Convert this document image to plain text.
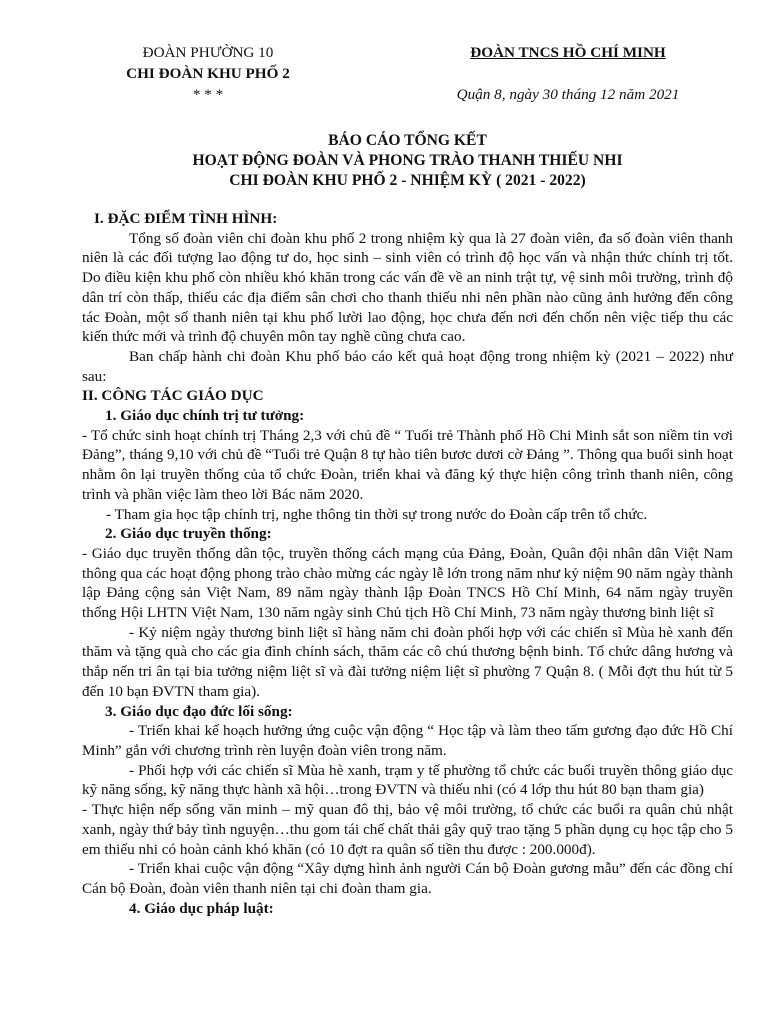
ĐOÀN PHƯỜNG 10
CHI ĐOÀN KHU PHỐ 2
* * *
ĐOÀN TNCS HỒ CHÍ MINH

Quận 8, ngày 30 tháng 12 năm 2021
BÁO CÁO TỔNG KẾT
HOẠT ĐỘNG ĐOÀN VÀ PHONG TRÀO THANH THIẾU NHI
CHI ĐOÀN KHU PHỐ 2 - NHIỆM KỲ ( 2021 - 2022)

I. ĐẶC ĐIỂM TÌNH HÌNH:

Tổng số đoàn viên chi đoàn khu phố 2 trong nhiệm kỳ qua là 27 đoàn viên, đa số đoàn viên thanh niên là các đối tượng lao động tư do, học sinh – sinh viên có trình độ học vấn và nhận thức chính trị tốt. Do điều kiện khu phố còn nhiều khó khăn trong các vấn đề về an ninh trật tự, vệ sinh môi trường, trình độ dân trí còn thấp, thiếu các địa điểm sân chơi cho thanh thiếu nhi nên phần nào cũng ảnh hưởng đến công tác Đoàn, một số thanh niên tại khu phố lười lao động, học chưa đến nơi đến chốn nên việc tiếp thu các kiến thức mới và trình độ chuyên môn tay nghề cũng chưa cao.

Ban chấp hành chi đoàn Khu phố báo cáo kết quả hoạt động trong nhiệm kỳ (2021 – 2022) như sau:

II. CÔNG TÁC GIÁO DỤC

1. Giáo dục chính trị tư tưởng:

- Tổ chức sinh hoạt chính trị Tháng 2,3 với chủ đề “ Tuổi trẻ Thành phố Hồ Chi Minh sắt son niềm tin vơi Đảng”, tháng 9,10 với chủ đề “Tuổi trẻ Quận 8 tự hào tiên bươc dươi cờ Đảng ”. Thông qua buổi sinh hoạt nhằm ôn lại truyền thống của tổ chức Đoàn, triển khai và đăng ký thực hiện công trình thanh niên, công trình và phần việc làm theo lời Bác năm 2020.

- Tham gia học tập chính trị, nghe thông tin thời sự trong nước do Đoàn cấp trên tổ chức.

2. Giáo dục truyền thống:

- Giáo dục truyền thống dân tộc, truyền thống cách mạng của Đảng, Đoàn, Quân đội nhân dân Việt Nam thông qua các hoạt động phong trào chào mừng các ngày lễ lớn trong năm như kỷ niệm 90 năm ngày thành lập Đảng cộng sản Việt Nam, 89 năm ngày thành lập Đoàn TNCS Hồ Chí Minh, 64 năm ngày truyền thống Hội LHTN Việt Nam, 130 năm ngày sinh Chủ tịch Hồ Chí Minh, 73 năm ngày thương binh liệt sĩ

- Kỷ niệm ngày thương binh liệt sĩ hàng năm chi đoàn phối hợp với các chiến sĩ Mùa hè xanh đến thăm và tặng quà cho các gia đình chính sách, thăm các cô chú thương bệnh binh. Tổ chức dâng hương và thắp nến tri ân tại bia tưởng niệm liệt sĩ và đài tưởng niệm liệt sĩ phường 7 Quận 8. ( Mỗi đợt thu hút từ 5 đến 10 bạn ĐVTN tham gia).

3. Giáo dục đạo đức lối sống:

- Triển khai kế hoạch hưởng ứng cuộc vận động “ Học tập và làm theo tấm gương đạo đức Hồ Chí Minh” gắn với chương trình rèn luyện đoàn viên trong năm.

- Phối hợp với các chiến sĩ Mùa hè xanh, trạm y tế phường tổ chức các buổi truyền thông giáo dục kỹ năng sống, kỹ năng thực hành xã hội…trong ĐVTN và thiếu nhi (có 4 lớp thu hút 80 bạn tham gia)

- Thực hiện nếp sống văn minh – mỹ quan đô thị, bảo vệ môi trường, tổ chức các buổi ra quân chủ nhật xanh, ngày thứ bảy tình nguyện…thu gom tái chế chất thải gây quỹ trao tặng 5 phần dụng cụ học tập cho 5 em thiếu nhi có hoàn cảnh khó khăn (có 10 đợt ra quân số tiền thu được : 200.000đ).

- Triển khai cuộc vận động “Xây dựng hình ảnh người Cán bộ Đoàn gương mẫu” đến các đồng chí Cán bộ Đoàn, đoàn viên thanh niên tại chi đoàn tham gia.

4. Giáo dục pháp luật:
